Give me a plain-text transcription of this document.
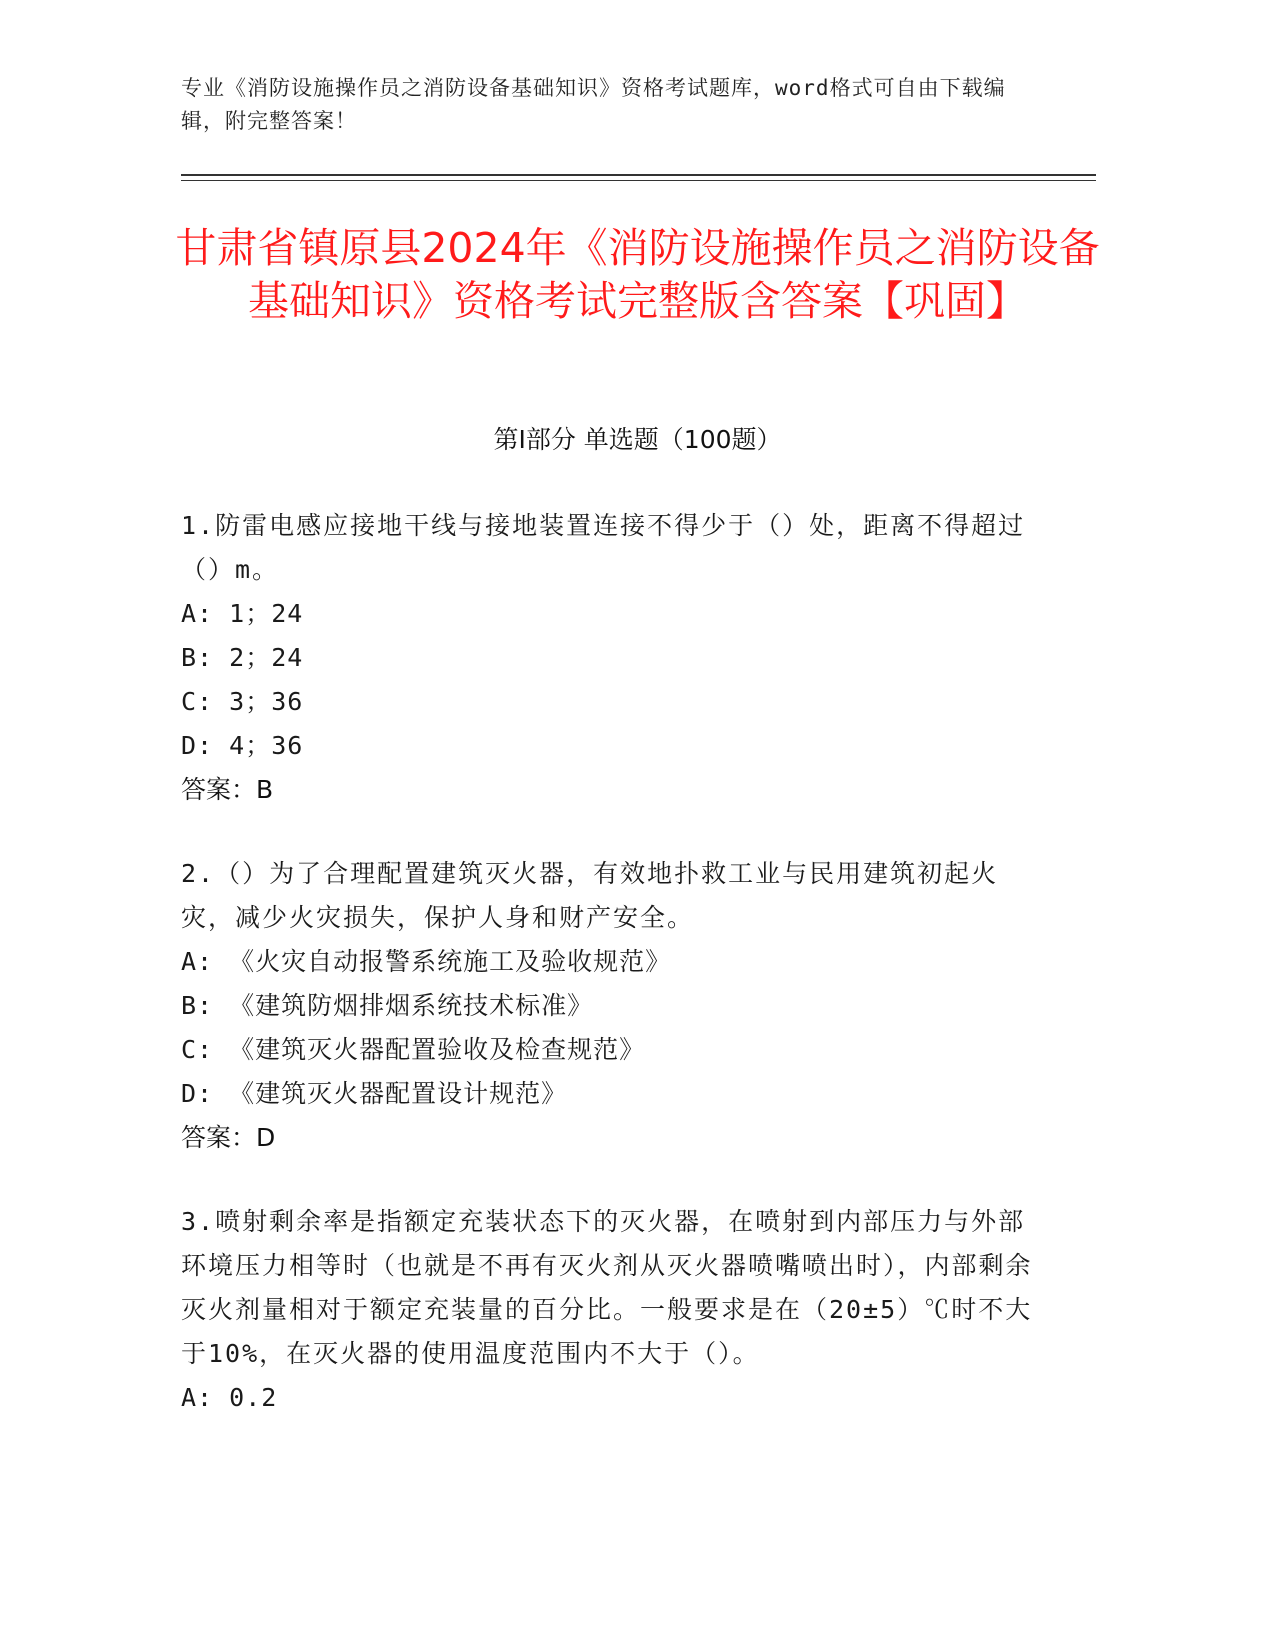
专业《消防设施操作员之消防设备基础知识》资格考试题库，word格式可自由下载编辑，附完整答案！
甘肃省镇原县2024年《消防设施操作员之消防设备基础知识》资格考试完整版含答案【巩固】
第Ⅰ部分 单选题（100题）
1.防雷电感应接地干线与接地装置连接不得少于（）处，距离不得超过（）m。
A: 1；24
B: 2；24
C: 3；36
D: 4；36
答案：B
2.（）为了合理配置建筑灭火器，有效地扑救工业与民用建筑初起火灾，减少火灾损失，保护人身和财产安全。
A: 《火灾自动报警系统施工及验收规范》
B: 《建筑防烟排烟系统技术标准》
C: 《建筑灭火器配置验收及检查规范》
D: 《建筑灭火器配置设计规范》
答案：D
3.喷射剩余率是指额定充装状态下的灭火器，在喷射到内部压力与外部环境压力相等时（也就是不再有灭火剂从灭火器喷嘴喷出时），内部剩余灭火剂量相对于额定充装量的百分比。一般要求是在（20±5）℃时不大于10%，在灭火器的使用温度范围内不大于（）。
A: 0.2
